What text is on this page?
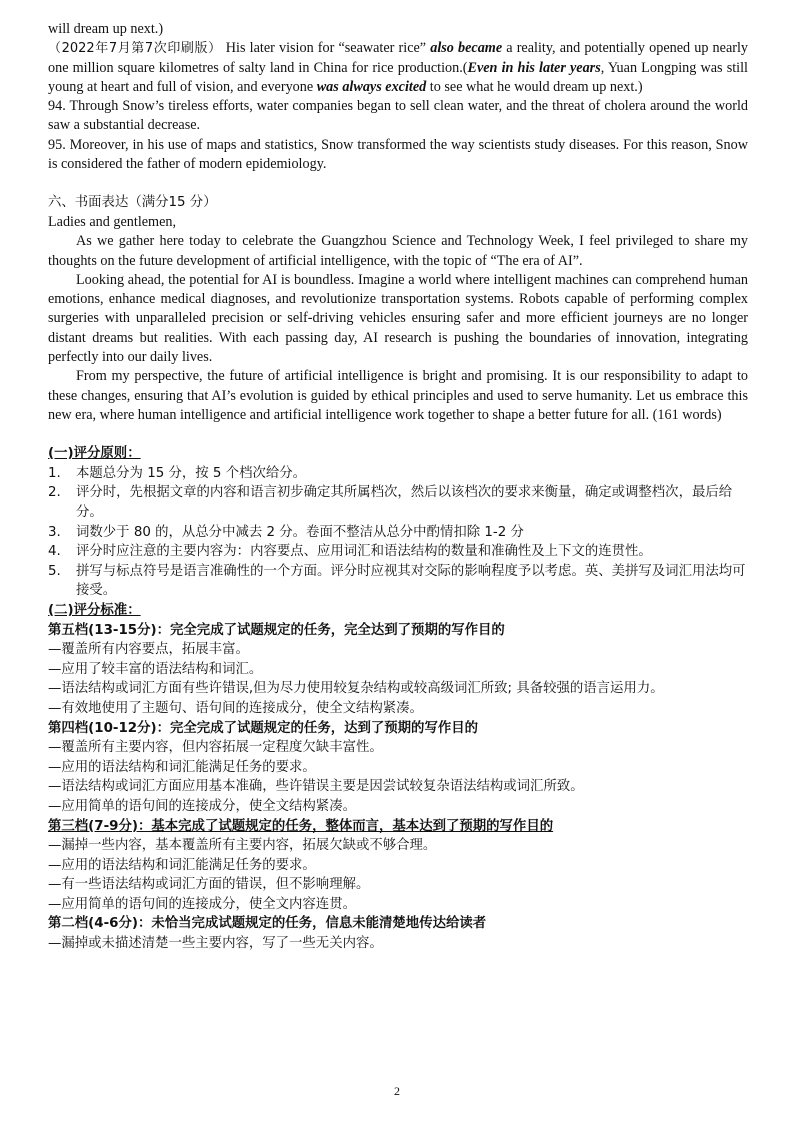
will dream up next.)

（2022年7月第7次印刷版） His later vision for “seawater rice” also became a reality, and potentially opened up nearly one million square kilometres of salty land in China for rice production.(Even in his later years, Yuan Longping was still young at heart and full of vision, and everyone was always excited to see what he would dream up next.)

94. Through Snow’s tireless efforts, water companies began to sell clean water, and the threat of cholera around the world saw a substantial decrease.

95. Moreover, in his use of maps and statistics, Snow transformed the way scientists study diseases. For this reason, Snow is considered the father of modern epidemiology.

六、书面表达（满分15 分）

Ladies and gentlemen,

As we gather here today to celebrate the Guangzhou Science and Technology Week, I feel privileged to share my thoughts on the future development of artificial intelligence, with the topic of “The era of AI”.

Looking ahead, the potential for AI is boundless. Imagine a world where intelligent machines can comprehend human emotions, enhance medical diagnoses, and revolutionize transportation systems. Robots capable of performing complex surgeries with unparalleled precision or self-driving vehicles ensuring safer and more efficient journeys are no longer distant dreams but realities. With each passing day, AI research is pushing the boundaries of innovation, integrating perfectly into our daily lives.

From my perspective, the future of artificial intelligence is bright and promising. It is our responsibility to adapt to these changes, ensuring that AI’s evolution is guided by ethical principles and used to serve humanity. Let us embrace this new era, where human intelligence and artificial intelligence work together to shape a better future for all. (161 words)

(一)评分原则：

1.	本题总分为 15 分，按 5 个档次给分。
2.	评分时，先根据文章的内容和语言初步确定其所属档次，然后以该档次的要求来衡量，确定或调整档次，最后给分。
3.	词数少于 80 的，从总分中减去 2 分。卷面不整洁从总分中酌情扣除 1-2 分
4.	评分时应注意的主要内容为：内容要点、应用词汇和语法结构的数量和准确性及上下文的连贯性。
5.	拼写与标点符号是语言准确性的一个方面。评分时应视其对交际的影响程度予以考虑。英、美拼写及词汇用法均可接受。

(二)评分标准：

第五档(13-15分)：完全完成了试题规定的任务，完全达到了预期的写作目的

—覆盖所有内容要点，拓展丰富。

—应用了较丰富的语法结构和词汇。

—语法结构或词汇方面有些许错误,但为尽力使用较复杂结构或较高级词汇所致; 具备较强的语言运用力。

—有效地使用了主题句、语句间的连接成分，使全文结构紧凑。

第四档(10-12分)：完全完成了试题规定的任务，达到了预期的写作目的

—覆盖所有主要内容，但内容拓展一定程度欠缺丰富性。

—应用的语法结构和词汇能满足任务的要求。

—语法结构或词汇方面应用基本准确，些许错误主要是因尝试较复杂语法结构或词汇所致。

—应用简单的语句间的连接成分，使全文结构紧凑。

第三档(7-9分)：基本完成了试题规定的任务，整体而言，基本达到了预期的写作目的

—漏掉一些内容，基本覆盖所有主要内容，拓展欠缺或不够合理。

—应用的语法结构和词汇能满足任务的要求。

—有一些语法结构或词汇方面的错误，但不影响理解。

—应用简单的语句间的连接成分，使全文内容连贯。

第二档(4-6分)：未恰当完成试题规定的任务，信息未能清楚地传达给读者

—漏掉或未描述清楚一些主要内容，写了一些无关内容。

2
